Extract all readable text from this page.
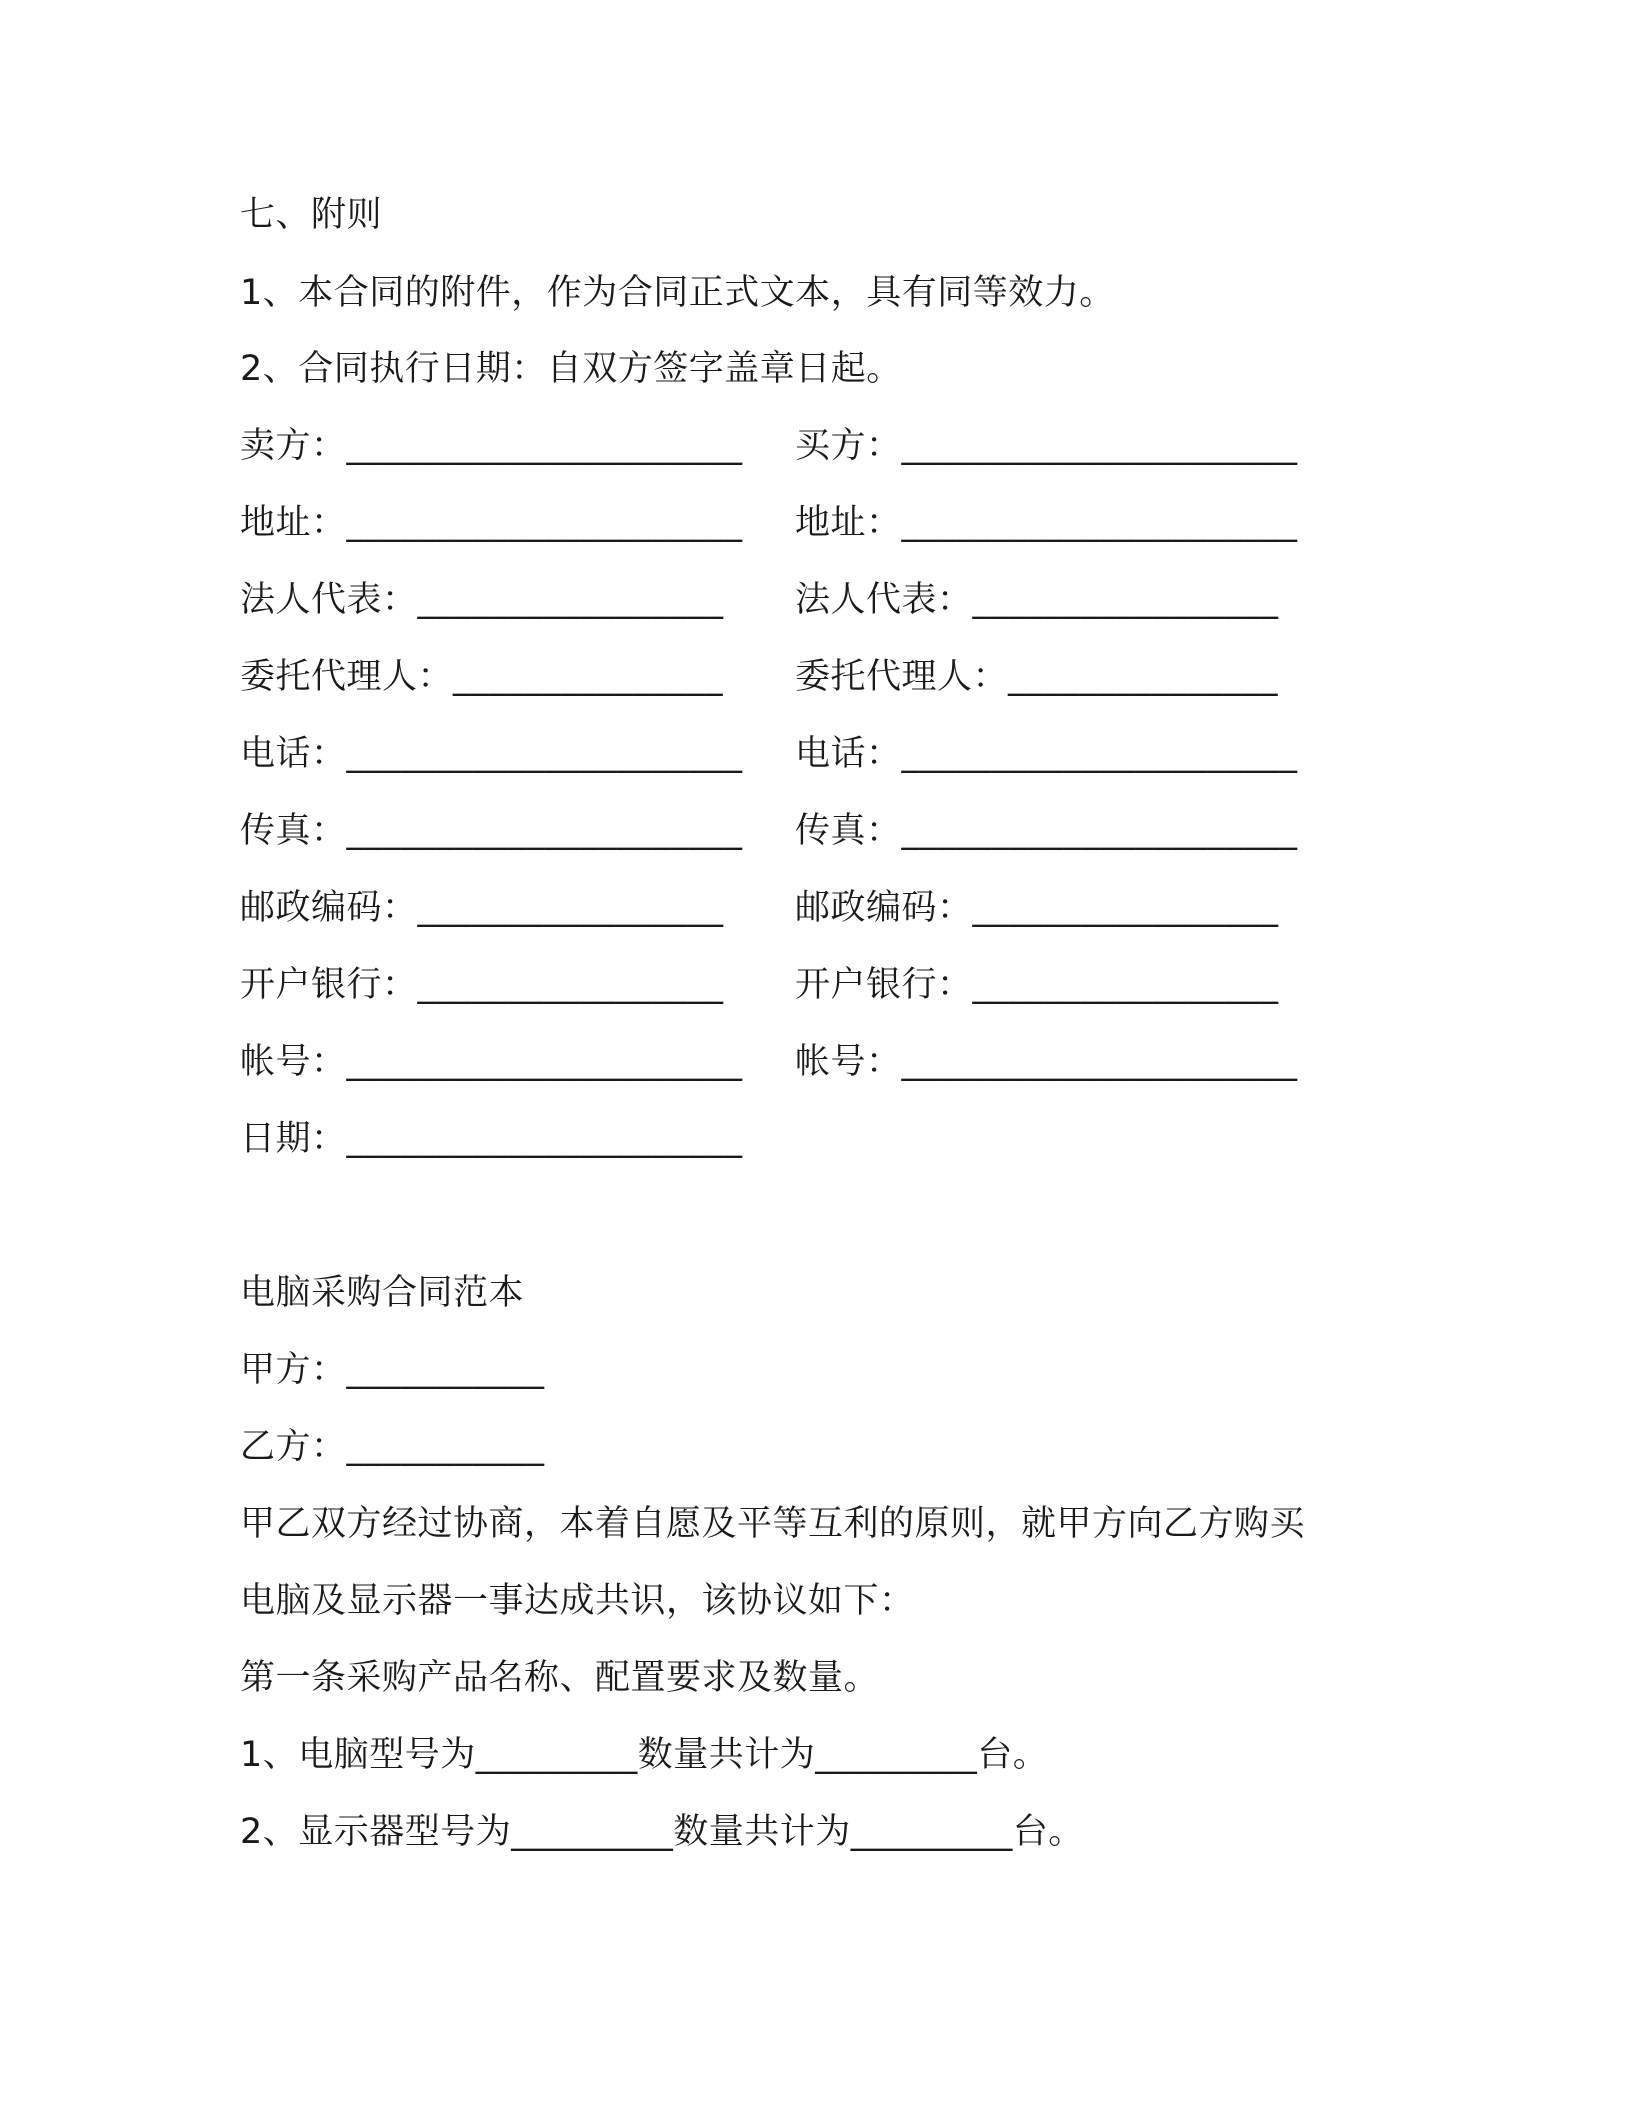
七、附则
1、本合同的附件，作为合同正式文本，具有同等效力。
2、合同执行日期：自双方签字盖章日起。
卖方：______________________ 买方：______________________
地址：______________________ 地址：______________________
法人代表：_________________ 法人代表：_________________
委托代理人：_______________ 委托代理人：_______________
电话：______________________ 电话：______________________
传真：______________________ 传真：______________________
邮政编码：_________________ 邮政编码：_________________
开户银行：_________________ 开户银行：_________________
帐号：______________________ 帐号：______________________
日期：______________________
电脑采购合同范本
甲方：___________
乙方：___________
甲乙双方经过协商，本着自愿及平等互利的原则，就甲方向乙方购买
电脑及显示器一事达成共识，该协议如下：
第一条采购产品名称、配置要求及数量。
1、电脑型号为_________数量共计为_________台。
2、显示器型号为_________数量共计为_________台。
